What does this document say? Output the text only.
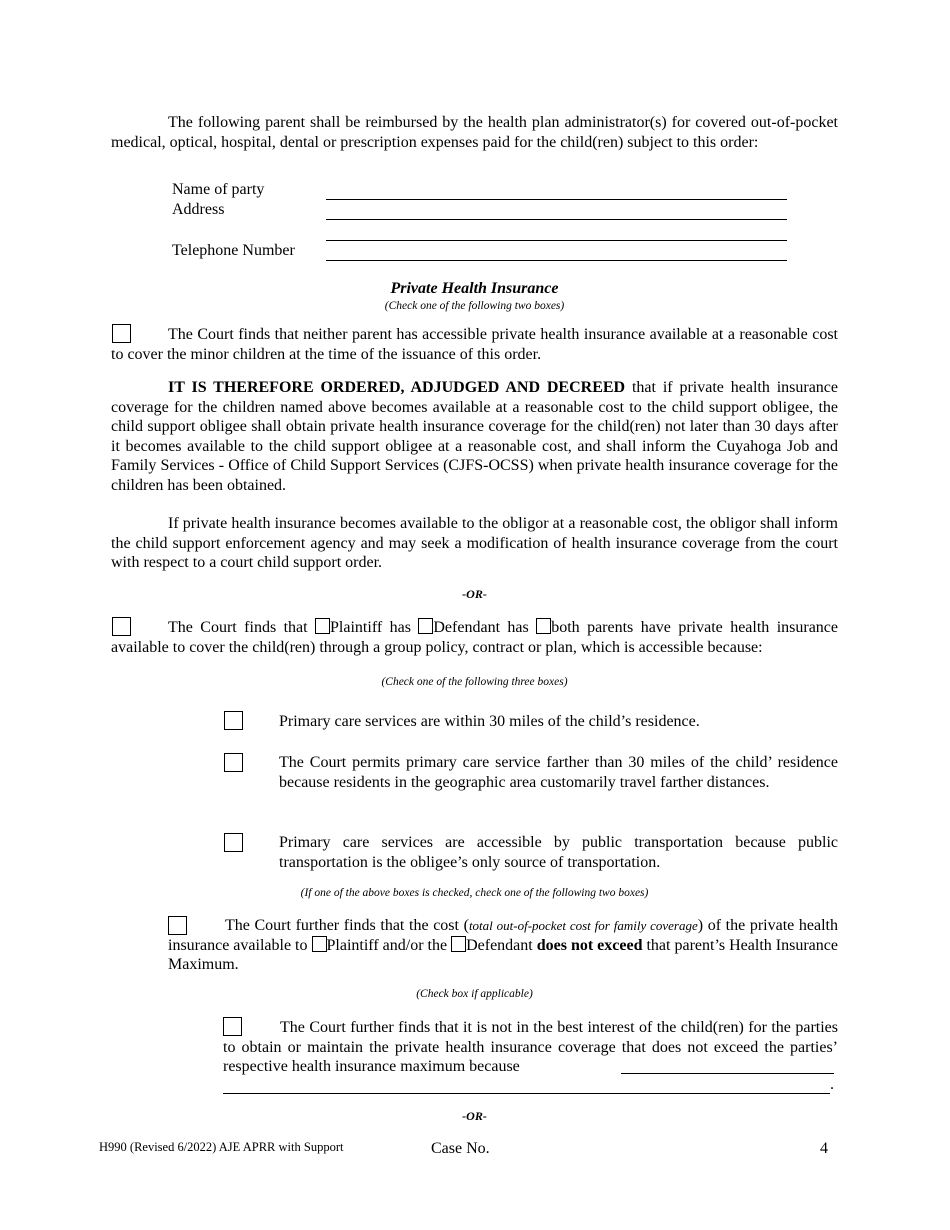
The following parent shall be reimbursed by the health plan administrator(s) for covered out-of-pocket medical, optical, hospital, dental or prescription expenses paid for the child(ren) subject to this order:
Name of party
Address
Telephone Number
Private Health Insurance
(Check one of the following two boxes)
The Court finds that neither parent has accessible private health insurance available at a reasonable cost to cover the minor children at the time of the issuance of this order.
IT IS THEREFORE ORDERED, ADJUDGED AND DECREED that if private health insurance coverage for the children named above becomes available at a reasonable cost to the child support obligee, the child support obligee shall obtain private health insurance coverage for the child(ren) not later than 30 days after it becomes available to the child support obligee at a reasonable cost, and shall inform the Cuyahoga Job and Family Services - Office of Child Support Services (CJFS-OCSS) when private health insurance coverage for the children has been obtained.
If private health insurance becomes available to the obligor at a reasonable cost, the obligor shall inform the child support enforcement agency and may seek a modification of health insurance coverage from the court with respect to a court child support order.
-OR-
The Court finds that Plaintiff has Defendant has both parents have private health insurance available to cover the child(ren) through a group policy, contract or plan, which is accessible because:
(Check one of the following three boxes)
Primary care services are within 30 miles of the child’s residence.
The Court permits primary care service farther than 30 miles of the child’ residence because residents in the geographic area customarily travel farther distances.
Primary care services are accessible by public transportation because public transportation is the obligee’s only source of transportation.
(If one of the above boxes is checked, check one of the following two boxes)
The Court further finds that the cost (total out-of-pocket cost for family coverage) of the private health insurance available to Plaintiff and/or the Defendant does not exceed that parent’s Health Insurance Maximum.
(Check box if applicable)
The Court further finds that it is not in the best interest of the child(ren) for the parties to obtain or maintain the private health insurance coverage that does not exceed the parties’ respective health insurance maximum because
.
-OR-
H990 (Revised 6/2022) AJE APRR with Support	Case No.	4
